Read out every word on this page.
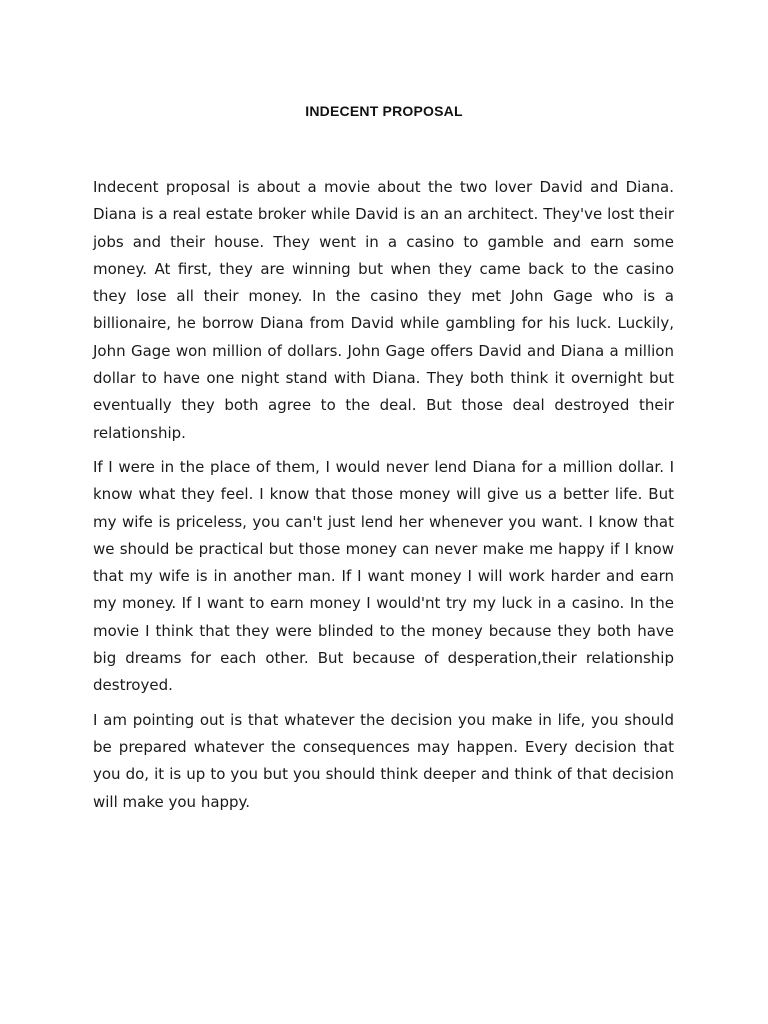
INDECENT PROPOSAL

Indecent proposal is about a movie about the two lover David and Diana. Diana is a real estate broker while David is an an architect. They've lost their jobs and their house. They went in a casino to gamble and earn some money. At first, they are winning but when they came back to the casino they lose all their money. In the casino they met John Gage who is a billionaire, he borrow Diana from David while gambling for his luck. Luckily, John Gage won million of dollars. John Gage offers David and Diana a million dollar to have one night stand with Diana. They both think it overnight but eventually they both agree to the deal. But those deal destroyed their relationship.

If I were in the place of them, I would never lend Diana for a million dollar. I know what they feel. I know that those money will give us a better life. But my wife is priceless, you can't just lend her whenever you want. I know that we should be practical but those money can never make me happy if I know that my wife is in another man. If I want money I will work harder and earn my money. If I want to earn money I would'nt try my luck in a casino. In the movie I think that they were blinded to the money because they both have big dreams for each other. But because of desperation,their relationship destroyed.

I am pointing out is that whatever the decision you make in life, you should be prepared whatever the consequences may happen. Every decision that you do, it is up to you but you should think deeper and think of that decision will make you happy.
